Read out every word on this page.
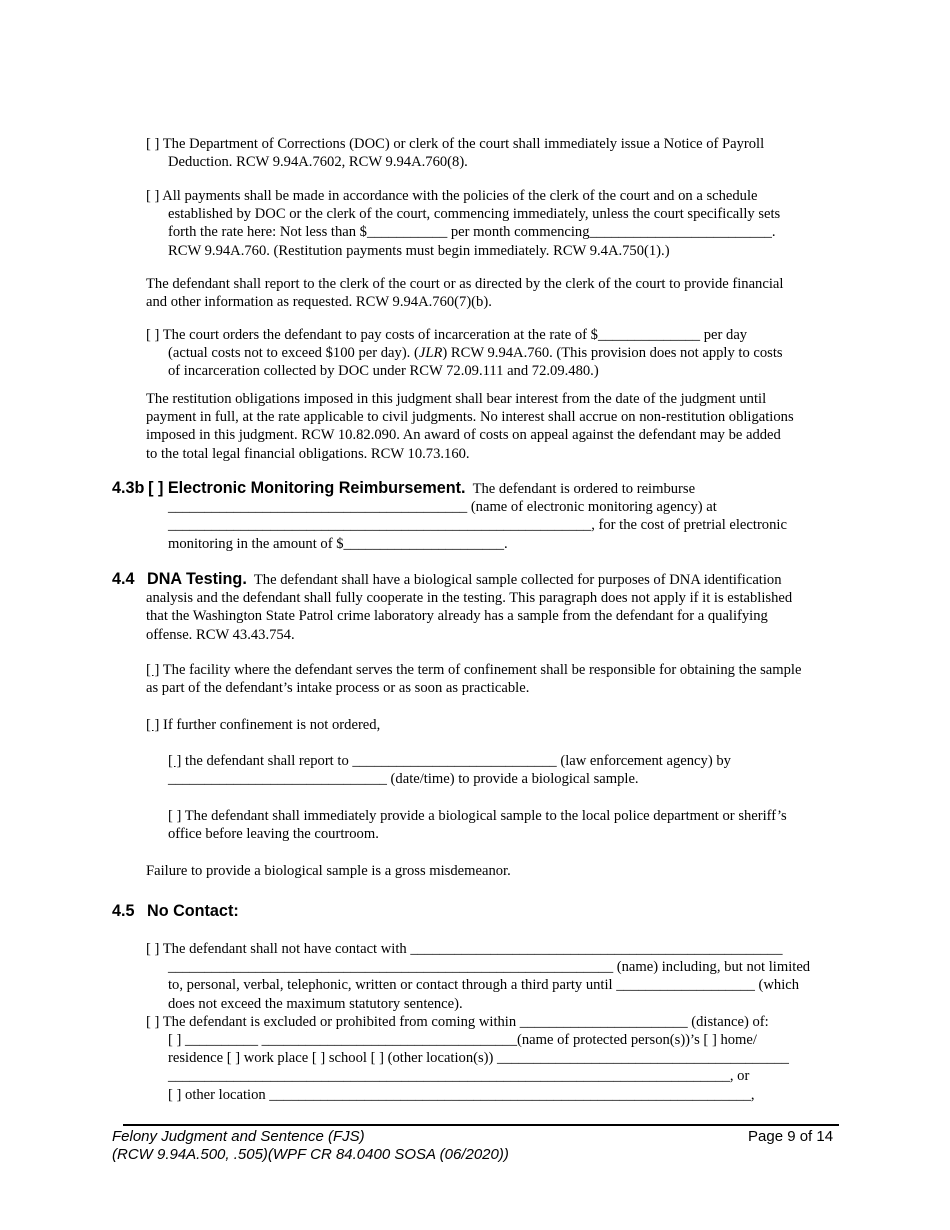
[ ] The Department of Corrections (DOC) or clerk of the court shall immediately issue a Notice of Payroll
Deduction. RCW 9.94A.7602, RCW 9.94A.760(8).
[ ] All payments shall be made in accordance with the policies of the clerk of the court and on a schedule
established by DOC or the clerk of the court, commencing immediately, unless the court specifically sets
forth the rate here: Not less than $___________ per month commencing_________________________.
RCW 9.94A.760. (Restitution payments must begin immediately. RCW 9.4A.750(1).)
The defendant shall report to the clerk of the court or as directed by the clerk of the court to provide financial
and other information as requested. RCW 9.94A.760(7)(b).
[ ] The court orders the defendant to pay costs of incarceration at the rate of $______________ per day
(actual costs not to exceed $100 per day). (JLR) RCW 9.94A.760. (This provision does not apply to costs
of incarceration collected by DOC under RCW 72.09.111 and 72.09.480.)
The restitution obligations imposed in this judgment shall bear interest from the date of the judgment until
payment in full, at the rate applicable to civil judgments. No interest shall accrue on non-restitution obligations
imposed in this judgment. RCW 10.82.090. An award of costs on appeal against the defendant may be added
to the total legal financial obligations. RCW 10.73.160.
4.3b [ ] Electronic Monitoring Reimbursement. The defendant is ordered to reimburse
_________________________________________ (name of electronic monitoring agency) at
__________________________________________________________, for the cost of pretrial electronic
monitoring in the amount of $______________________.
4.4 DNA Testing. The defendant shall have a biological sample collected for purposes of DNA identification
analysis and the defendant shall fully cooperate in the testing. This paragraph does not apply if it is established
that the Washington State Patrol crime laboratory already has a sample from the defendant for a qualifying
offense. RCW 43.43.754.
[ ] The facility where the defendant serves the term of confinement shall be responsible for obtaining the sample
as part of the defendant’s intake process or as soon as practicable.
[ ] If further confinement is not ordered,
[ ] the defendant shall report to ____________________________ (law enforcement agency) by
______________________________ (date/time) to provide a biological sample.
[ ] The defendant shall immediately provide a biological sample to the local police department or sheriff’s
office before leaving the courtroom.
Failure to provide a biological sample is a gross misdemeanor.
4.5 No Contact:
[ ] The defendant shall not have contact with ___________________________________________________
_____________________________________________________________ (name) including, but not limited
to, personal, verbal, telephonic, written or contact through a third party until ___________________ (which
does not exceed the maximum statutory sentence).
[ ] The defendant is excluded or prohibited from coming within _______________________ (distance) of:
[ ] __________ ___________________________________(name of protected person(s))’s [ ] home/
residence [ ] work place [ ] school [ ] (other location(s)) ________________________________________
_____________________________________________________________________________, or
[ ] other location __________________________________________________________________,
Felony Judgment and Sentence (FJS)
(RCW 9.94A.500, .505)(WPF CR 84.0400 SOSA (06/2020))
Page 9 of 14
